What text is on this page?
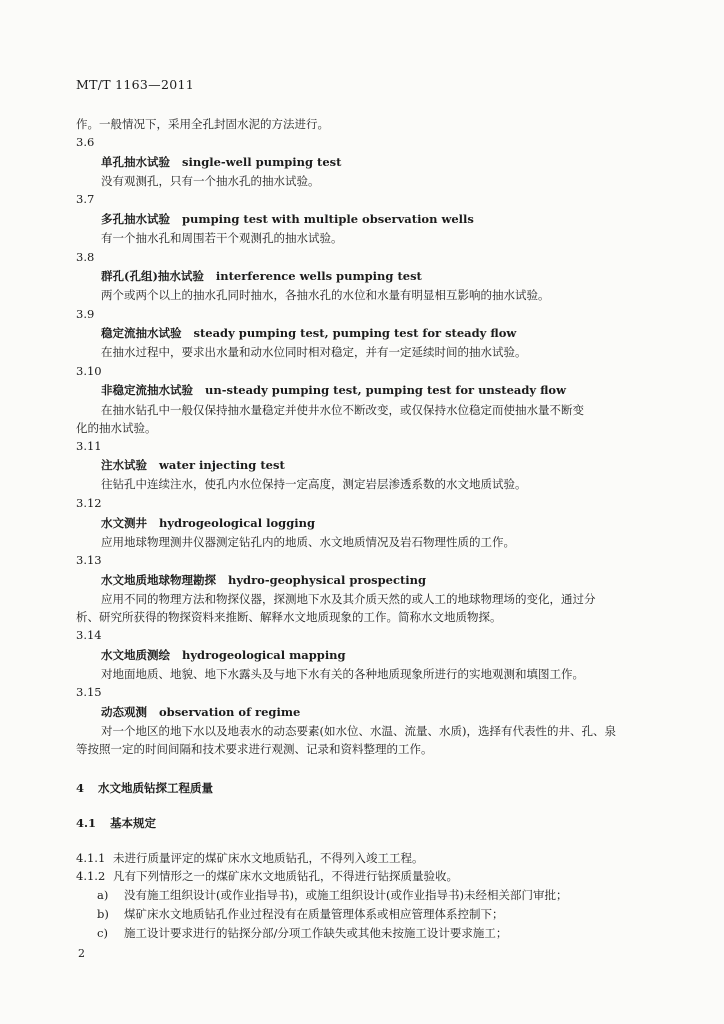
MT/T 1163—2011
作。一般情况下，采用全孔封固水泥的方法进行。
3.6
单孔抽水试验 single-well pumping test
没有观测孔，只有一个抽水孔的抽水试验。
3.7
多孔抽水试验 pumping test with multiple observation wells
有一个抽水孔和周围若干个观测孔的抽水试验。
3.8
群孔(孔组)抽水试验 interference wells pumping test
两个或两个以上的抽水孔同时抽水，各抽水孔的水位和水量有明显相互影响的抽水试验。
3.9
稳定流抽水试验 steady pumping test, pumping test for steady flow
在抽水过程中，要求出水量和动水位同时相对稳定，并有一定延续时间的抽水试验。
3.10
非稳定流抽水试验 un-steady pumping test, pumping test for unsteady flow
在抽水钻孔中一般仅保持抽水量稳定并使井水位不断改变，或仅保持水位稳定而使抽水量不断变
化的抽水试验。
3.11
注水试验 water injecting test
往钻孔中连续注水，使孔内水位保持一定高度，测定岩层渗透系数的水文地质试验。
3.12
水文测井 hydrogeological logging
应用地球物理测井仪器测定钻孔内的地质、水文地质情况及岩石物理性质的工作。
3.13
水文地质地球物理勘探 hydro-geophysical prospecting
应用不同的物理方法和物探仪器，探测地下水及其介质天然的或人工的地球物理场的变化，通过分
析、研究所获得的物探资料来推断、解释水文地质现象的工作。简称水文地质物探。
3.14
水文地质测绘 hydrogeological mapping
对地面地质、地貌、地下水露头及与地下水有关的各种地质现象所进行的实地观测和填图工作。
3.15
动态观测 observation of regime
对一个地区的地下水以及地表水的动态要素(如水位、水温、流量、水质)，选择有代表性的井、孔、泉
等按照一定的时间间隔和技术要求进行观测、记录和资料整理的工作。
4 水文地质钻探工程质量
4.1 基本规定
4.1.1 未进行质量评定的煤矿床水文地质钻孔，不得列入竣工工程。
4.1.2 凡有下列情形之一的煤矿床水文地质钻孔，不得进行钻探质量验收。
a) 没有施工组织设计(或作业指导书)，或施工组织设计(或作业指导书)未经相关部门审批；
b) 煤矿床水文地质钻孔作业过程没有在质量管理体系或相应管理体系控制下；
c) 施工设计要求进行的钻探分部/分项工作缺失或其他未按施工设计要求施工；
2
